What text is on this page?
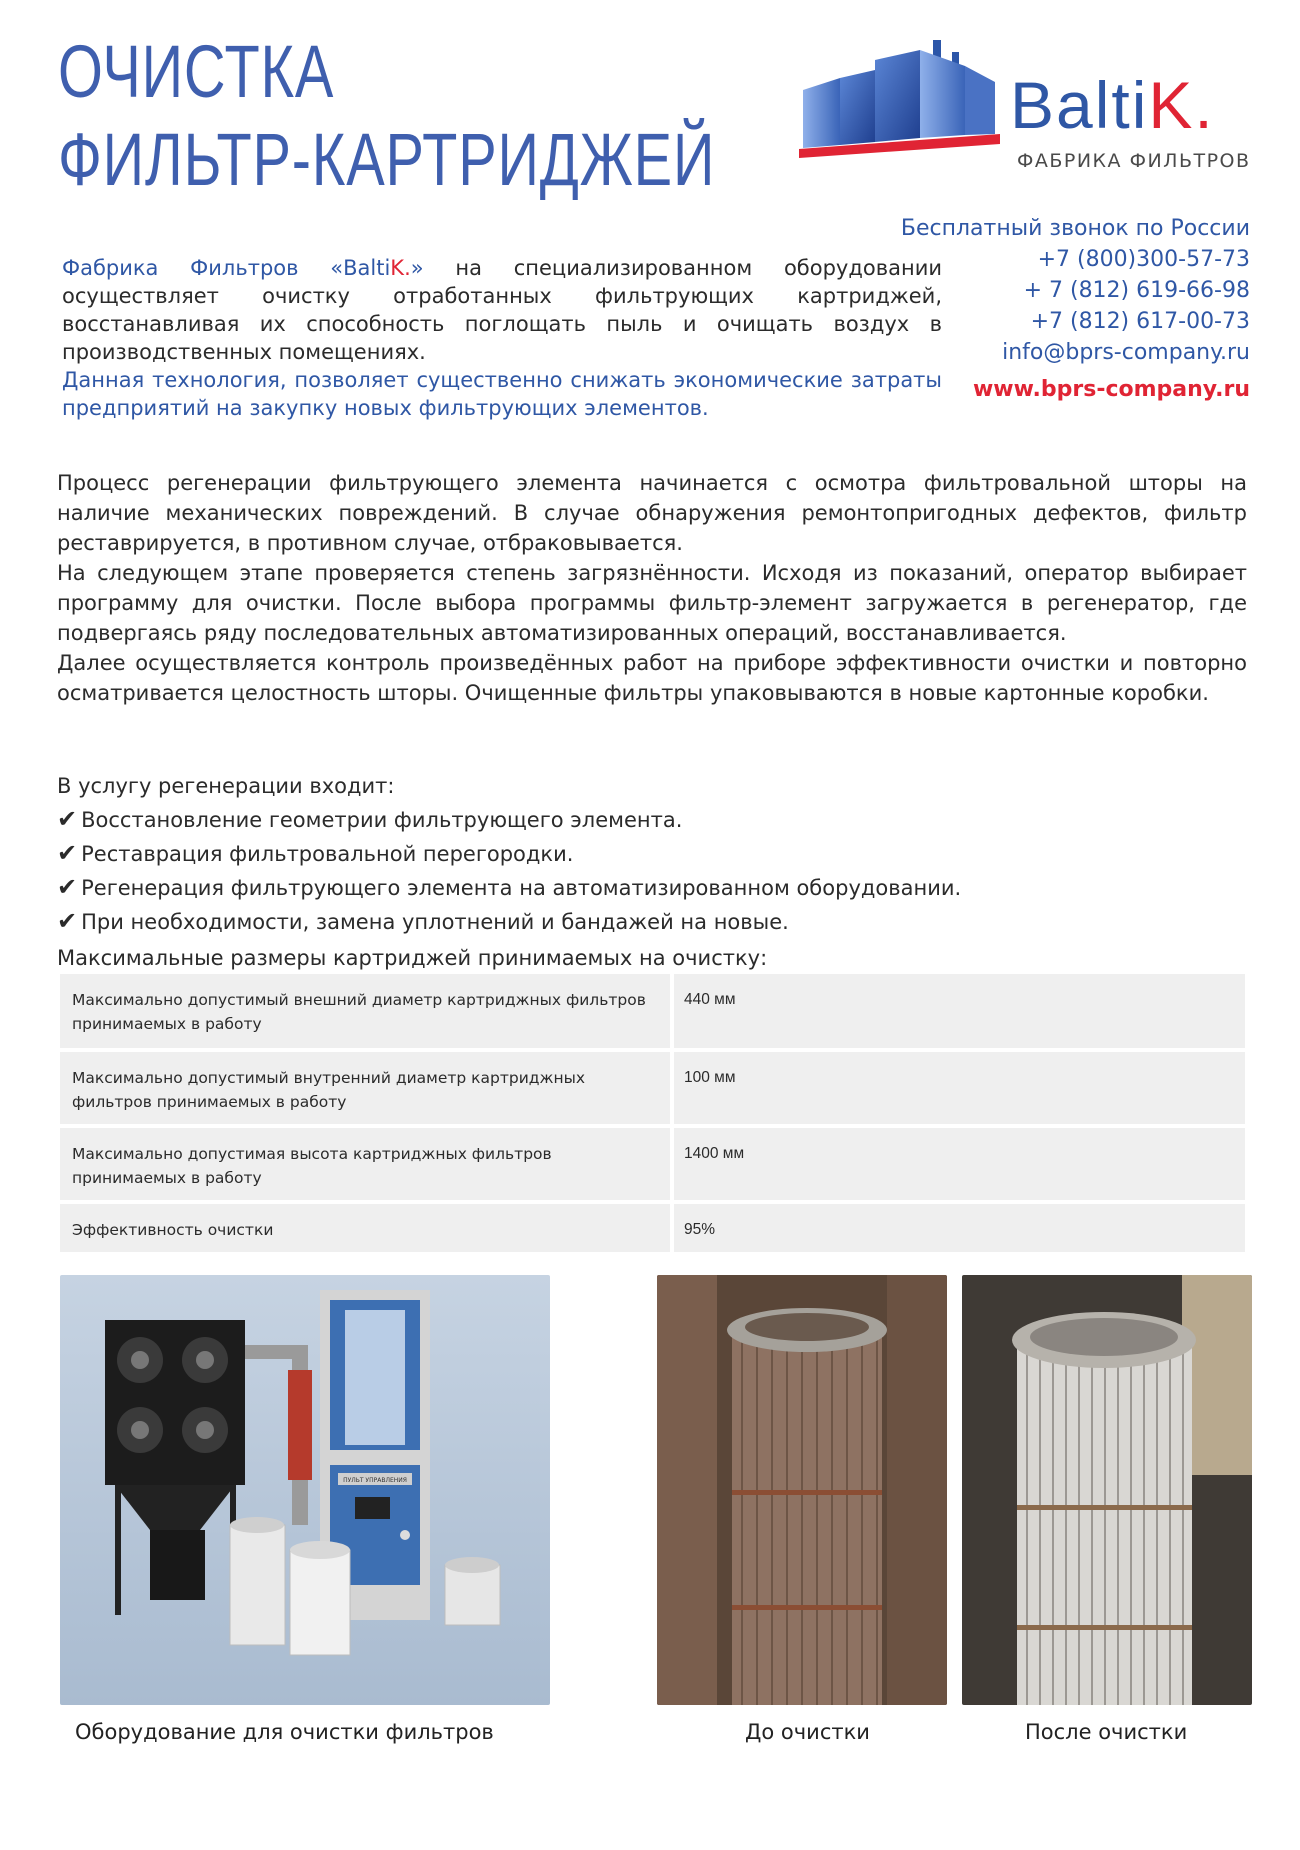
ОЧИСТКА
ФИЛЬТР-КАРТРИДЖЕЙ
BaltiK.
ФАБРИКА ФИЛЬТРОВ
Бесплатный звонок по России
+7 (800)300-57-73
+ 7 (812) 619-66-98
+7 (812) 617-00-73
info@bprs-company.ru
www.bprs-company.ru

Фабрика Фильтров «BaltiK.» на специализированном оборудовании осуществляет очистку отработанных фильтрующих картриджей, восстанавливая их способность поглощать пыль и очищать воздух в производственных помещениях.

Данная технология, позволяет существенно снижать экономические затраты предприятий на закупку новых фильтрующих элементов.

Процесс регенерации фильтрующего элемента начинается с осмотра фильтровальной шторы на наличие механических повреждений. В случае обнаружения ремонтопригодных дефектов, фильтр реставрируется, в противном случае, отбраковывается.

На следующем этапе проверяется степень загрязнённости. Исходя из показаний, оператор выбирает программу для очистки. После выбора программы фильтр-элемент загружается в регенератор, где подвергаясь ряду последовательных автоматизированных операций, восстанавливается.

Далее осуществляется контроль произведённых работ на приборе эффективности очистки и повторно осматривается целостность шторы. Очищенные фильтры упаковываются в новые картонные коробки.

В услугу регенерации входит:
✔ Восстановление геометрии фильтрующего элемента.
✔ Реставрация фильтровальной перегородки.
✔ Регенерация фильтрующего элемента на автоматизированном оборудовании.
✔ При необходимости, замена уплотнений и бандажей на новые.
Максимальные размеры картриджей принимаемых на очистку:
Максимально допустимый внешний диаметр картриджных фильтров принимаемых в работу	440 мм
Максимально допустимый внутренний диаметр картриджных фильтров принимаемых в работу	100 мм
Максимально допустимая высота картриджных фильтров принимаемых в работу	1400 мм
Эффективность очистки	95%
ПУЛЬТ УПРАВЛЕНИЯ
Оборудование для очистки фильтров	До очистки	После очистки
